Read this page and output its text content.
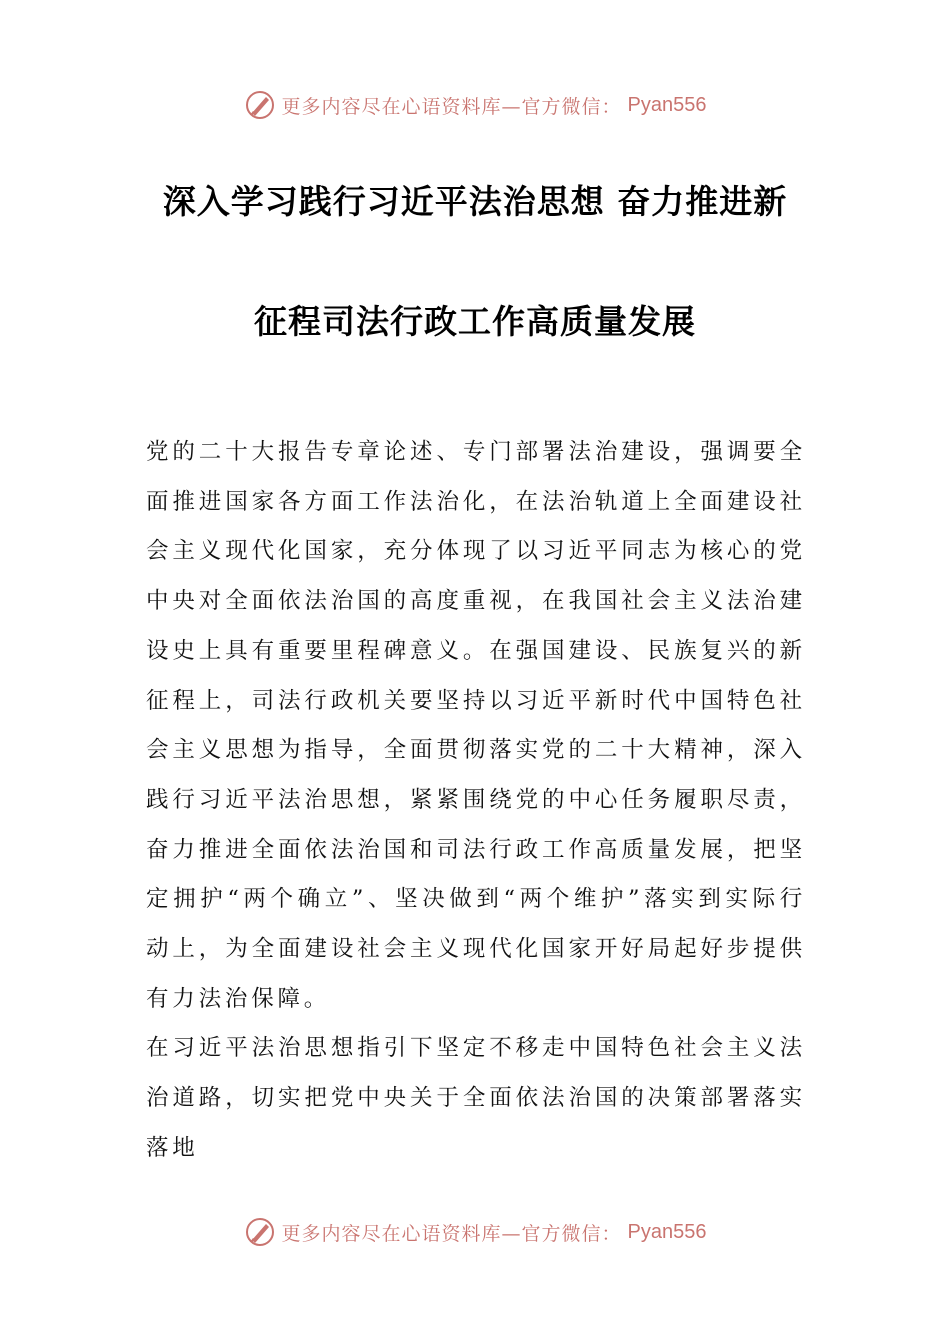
更多内容尽在心语资料库—官方微信： Pyan556
深入学习践行习近平法治思想 奋力推进新
征程司法行政工作高质量发展

党的二十大报告专章论述、专门部署法治建设，强调要全面推进国家各方面工作法治化，在法治轨道上全面建设社会主义现代化国家，充分体现了以习近平同志为核心的党中央对全面依法治国的高度重视，在我国社会主义法治建设史上具有重要里程碑意义。在强国建设、民族复兴的新征程上，司法行政机关要坚持以习近平新时代中国特色社会主义思想为指导，全面贯彻落实党的二十大精神，深入践行习近平法治思想，紧紧围绕党的中心任务履职尽责，奋力推进全面依法治国和司法行政工作高质量发展，把坚定拥护“两个确立”、坚决做到“两个维护”落实到实际行动上，为全面建设社会主义现代化国家开好局起好步提供有力法治保障。

在习近平法治思想指引下坚定不移走中国特色社会主义法治道路，切实把党中央关于全面依法治国的决策部署落实落地

更多内容尽在心语资料库—官方微信： Pyan556
